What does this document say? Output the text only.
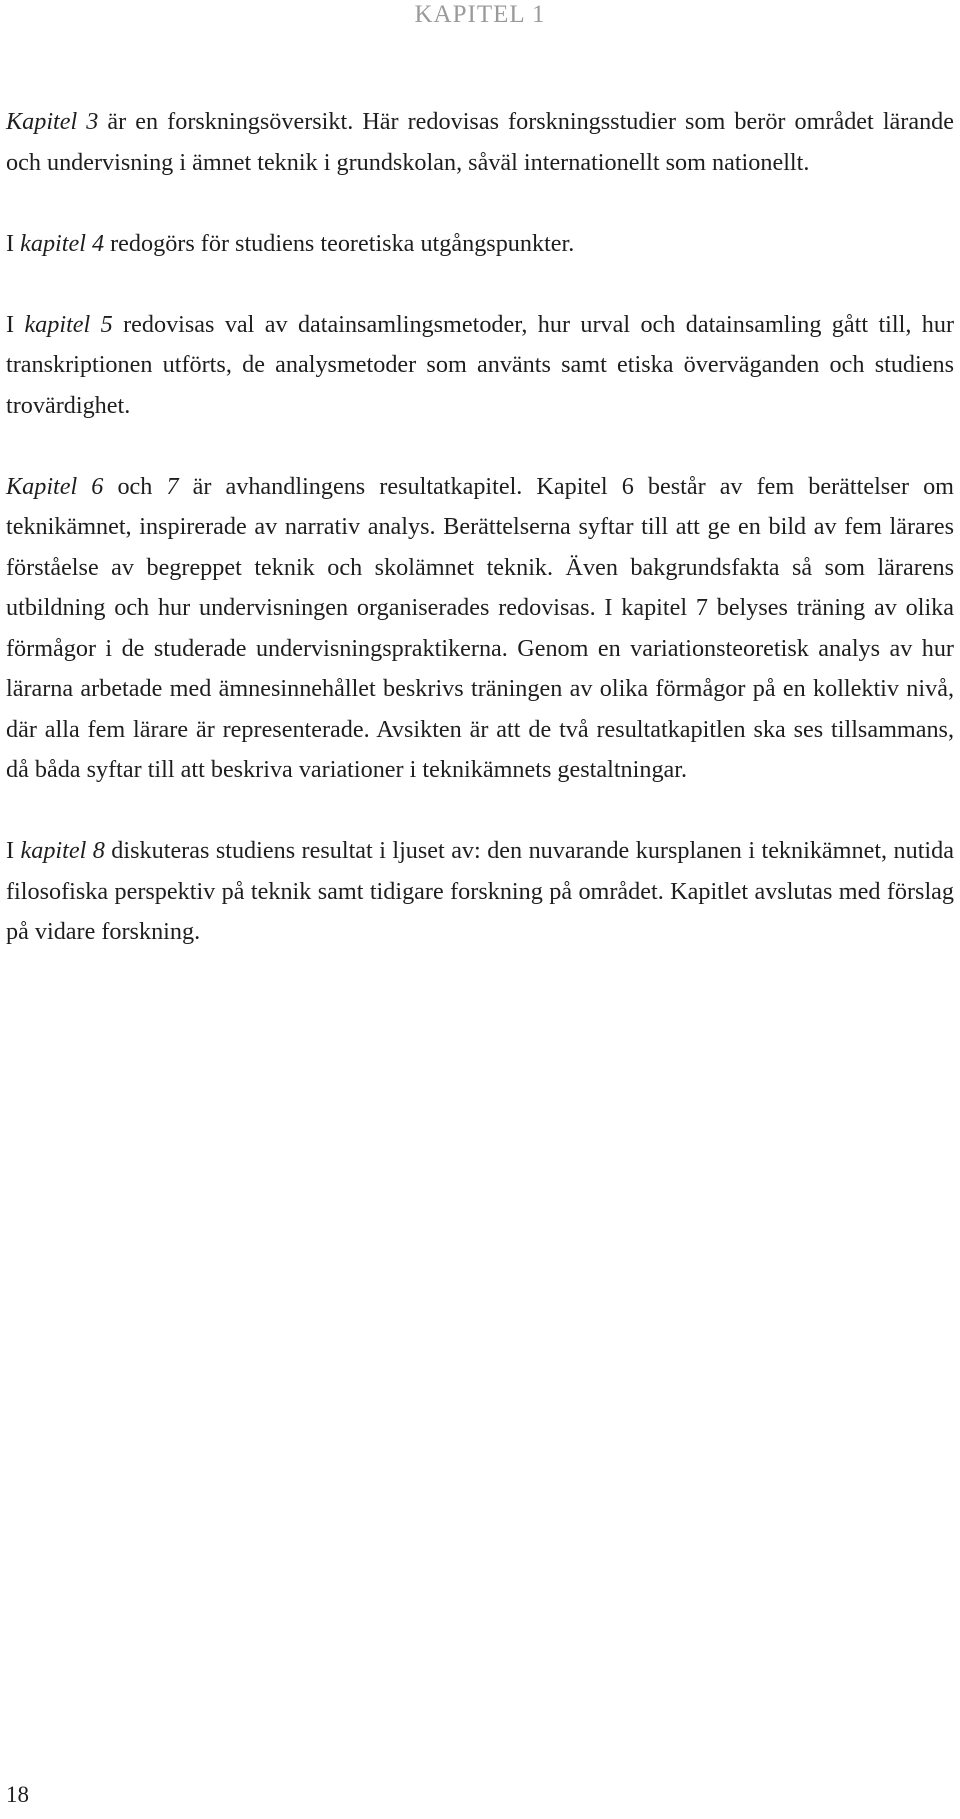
KAPITEL 1

Kapitel 3 är en forskningsöversikt. Här redovisas forskningsstudier som berör området lärande och undervisning i ämnet teknik i grundskolan, såväl internationellt som nationellt.

I kapitel 4 redogörs för studiens teoretiska utgångspunkter.

I kapitel 5 redovisas val av datainsamlingsmetoder, hur urval och datainsamling gått till, hur transkriptionen utförts, de analysmetoder som använts samt etiska överväganden och studiens trovärdighet.

Kapitel 6 och 7 är avhandlingens resultatkapitel. Kapitel 6 består av fem berättelser om teknikämnet, inspirerade av narrativ analys. Berättelserna syftar till att ge en bild av fem lärares förståelse av begreppet teknik och skolämnet teknik. Även bakgrundsfakta så som lärarens utbildning och hur undervisningen organiserades redovisas. I kapitel 7 belyses träning av olika förmågor i de studerade undervisningspraktikerna. Genom en variationsteoretisk analys av hur lärarna arbetade med ämnesinnehållet beskrivs träningen av olika förmågor på en kollektiv nivå, där alla fem lärare är representerade. Avsikten är att de två resultatkapitlen ska ses tillsammans, då båda syftar till att beskriva variationer i teknikämnets gestaltningar.

I kapitel 8 diskuteras studiens resultat i ljuset av: den nuvarande kursplanen i teknikämnet, nutida filosofiska perspektiv på teknik samt tidigare forskning på området. Kapitlet avslutas med förslag på vidare forskning.

18
